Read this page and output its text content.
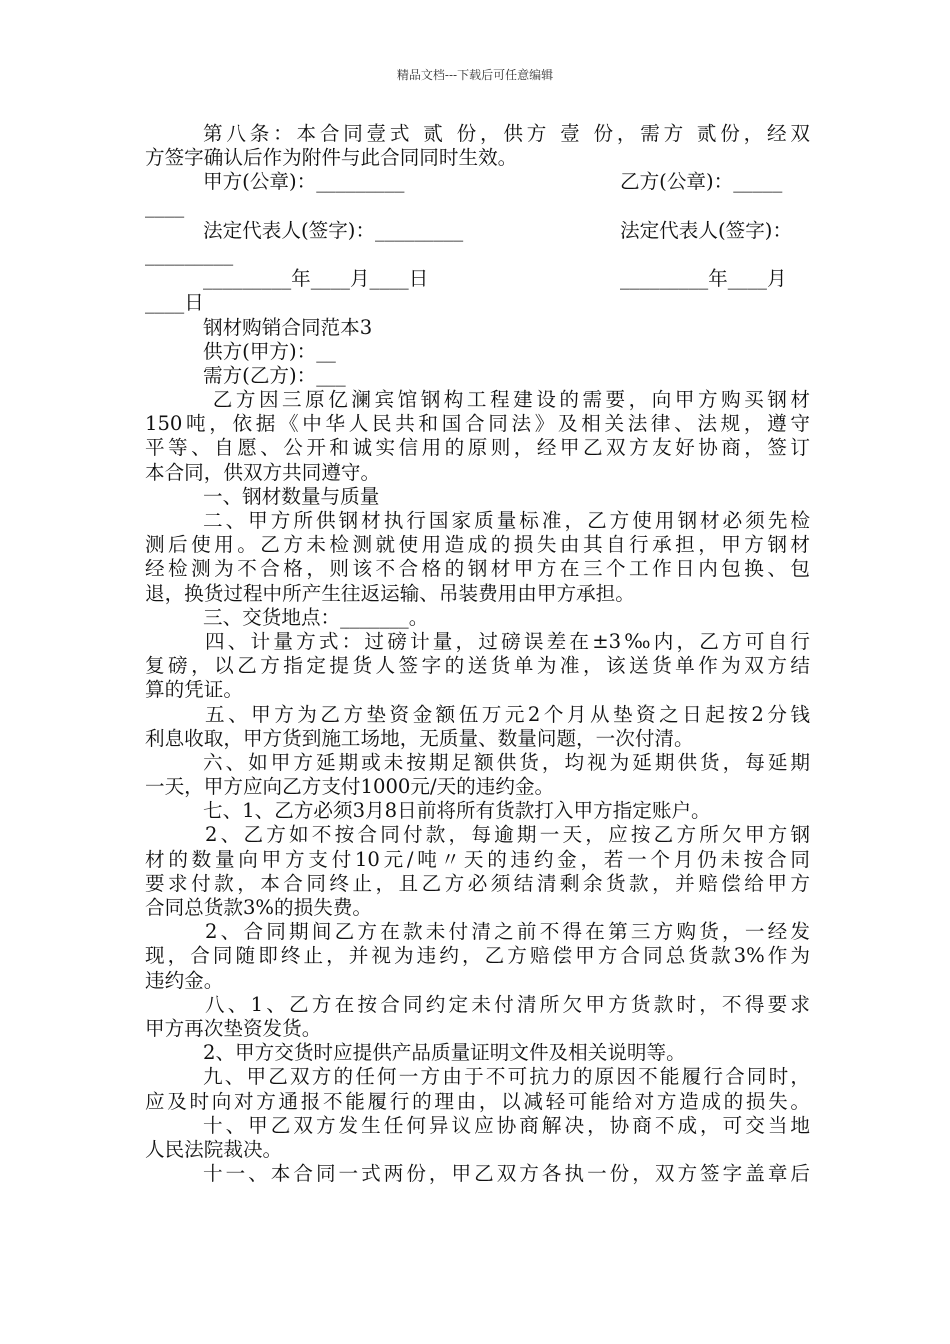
精品文档---下载后可任意编辑
第八条：本合同壹式 贰 份，供方 壹 份，需方 贰份，经双
方签字确认后作为附件与此合同同时生效。
甲方(公章)：_________	乙方(公章)：_____
____
法定代表人(签字)：_________	法定代表人(签字)：
_________
_________年____月____日	_________年____月
____日
钢材购销合同范本3
供方(甲方)：__
需方(乙方)：___
乙方因三原亿澜宾馆钢构工程建设的需要，向甲方购买钢材
150吨，依据《中华人民共和国合同法》及相关法律、法规，遵守
平等、自愿、公开和诚实信用的原则，经甲乙双方友好协商，签订
本合同，供双方共同遵守。
一、钢材数量与质量
二、甲方所供钢材执行国家质量标准，乙方使用钢材必须先检
测后使用。乙方未检测就使用造成的损失由其自行承担，甲方钢材
经检测为不合格，则该不合格的钢材甲方在三个工作日内包换、包
退，换货过程中所产生往返运输、吊装费用由甲方承担。
三、交货地点：_______。
四、计量方式：过磅计量，过磅误差在±3‰内，乙方可自行
复磅，以乙方指定提货人签字的送货单为准，该送货单作为双方结
算的凭证。
五、甲方为乙方垫资金额伍万元2个月从垫资之日起按2分钱
利息收取，甲方货到施工场地，无质量、数量问题，一次付清。
六、如甲方延期或未按期足额供货，均视为延期供货，每延期
一天，甲方应向乙方支付1000元/天的违约金。
七、1、乙方必须3月8日前将所有货款打入甲方指定账户。
2、乙方如不按合同付款，每逾期一天，应按乙方所欠甲方钢
材的数量向甲方支付10元/吨〃天的违约金，若一个月仍未按合同
要求付款，本合同终止，且乙方必须结清剩余货款，并赔偿给甲方
合同总货款3%的损失费。
2、合同期间乙方在款未付清之前不得在第三方购货，一经发
现，合同随即终止，并视为违约，乙方赔偿甲方合同总货款3%作为
违约金。
八、1、乙方在按合同约定未付清所欠甲方货款时，不得要求
甲方再次垫资发货。
2、甲方交货时应提供产品质量证明文件及相关说明等。
九、甲乙双方的任何一方由于不可抗力的原因不能履行合同时，
应及时向对方通报不能履行的理由，以减轻可能给对方造成的损失。
十、甲乙双方发生任何异议应协商解决，协商不成，可交当地
人民法院裁决。
十一、本合同一式两份，甲乙双方各执一份，双方签字盖章后
